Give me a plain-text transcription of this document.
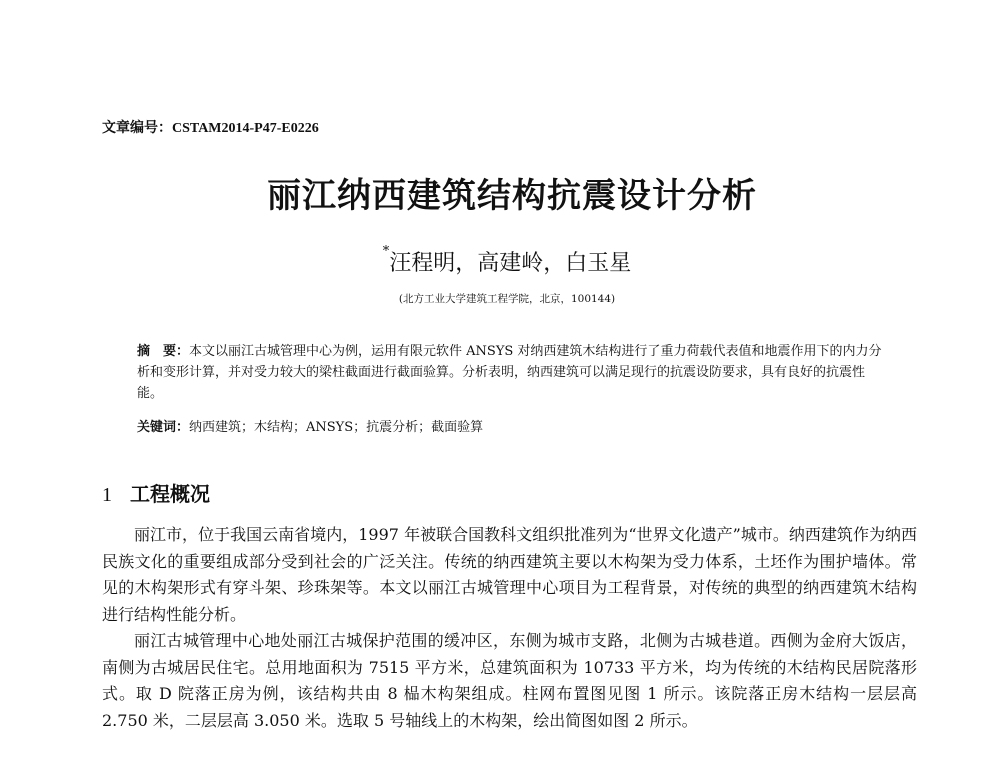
文章编号：CSTAM2014-P47-E0226
丽江纳西建筑结构抗震设计分析
*汪程明，高建岭，白玉星
(北方工业大学建筑工程学院，北京，100144)
摘　要：本文以丽江古城管理中心为例，运用有限元软件 ANSYS 对纳西建筑木结构进行了重力荷载代表值和地震作用下的内力分析和变形计算，并对受力较大的梁柱截面进行截面验算。分析表明，纳西建筑可以满足现行的抗震设防要求，具有良好的抗震性能。
关键词：纳西建筑；木结构；ANSYS；抗震分析；截面验算
1 工程概况

丽江市，位于我国云南省境内，1997 年被联合国教科文组织批准列为“世界文化遗产”城市。纳西建筑作为纳西民族文化的重要组成部分受到社会的广泛关注。传统的纳西建筑主要以木构架为受力体系，土坯作为围护墙体。常见的木构架形式有穿斗架、珍珠架等。本文以丽江古城管理中心项目为工程背景，对传统的典型的纳西建筑木结构进行结构性能分析。

丽江古城管理中心地处丽江古城保护范围的缓冲区，东侧为城市支路，北侧为古城巷道。西侧为金府大饭店，南侧为古城居民住宅。总用地面积为 7515 平方米，总建筑面积为 10733 平方米，均为传统的木结构民居院落形式。取 D 院落正房为例，该结构共由 8 榀木构架组成。柱网布置图见图 1 所示。该院落正房木结构一层层高 2.750 米，二层层高 3.050 米。选取 5 号轴线上的木构架，绘出简图如图 2 所示。
